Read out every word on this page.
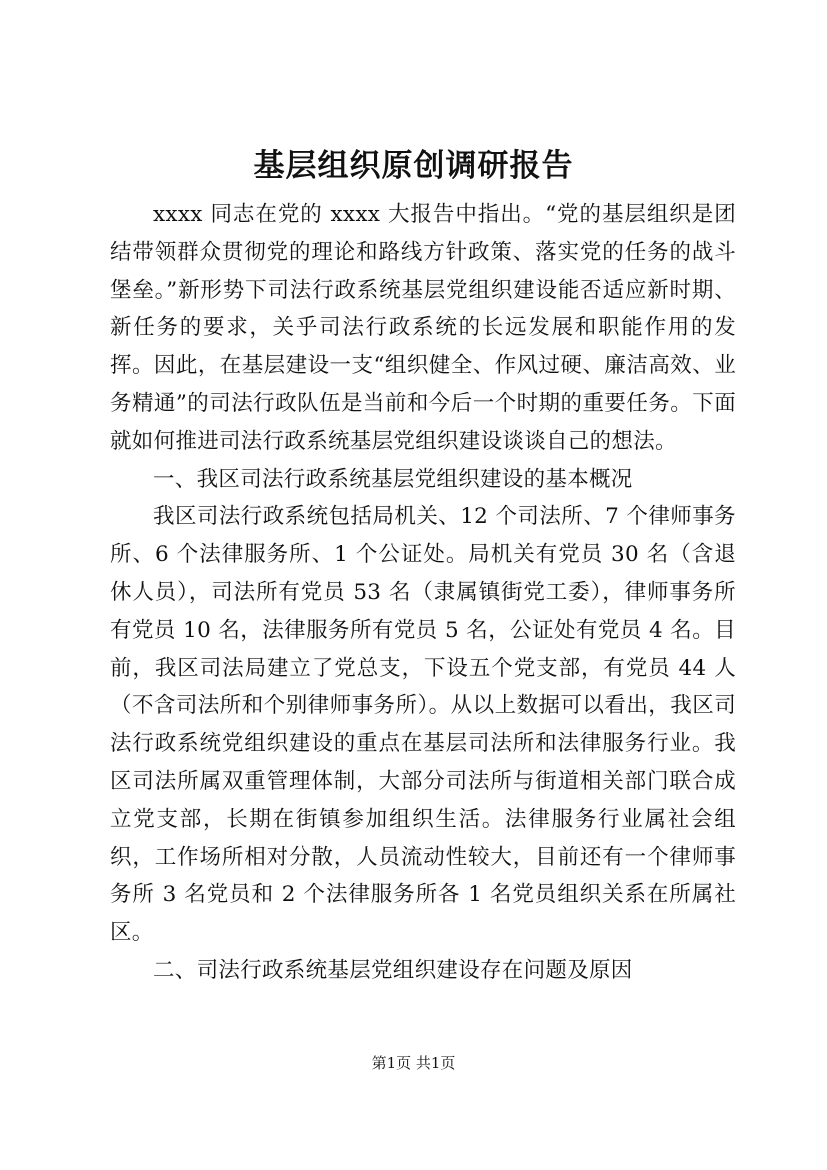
基层组织原创调研报告

xxxx 同志在党的 xxxx 大报告中指出。“党的基层组织是团结带领群众贯彻党的理论和路线方针政策、落实党的任务的战斗堡垒。”新形势下司法行政系统基层党组织建设能否适应新时期、新任务的要求，关乎司法行政系统的长远发展和职能作用的发挥。因此，在基层建设一支“组织健全、作风过硬、廉洁高效、业务精通”的司法行政队伍是当前和今后一个时期的重要任务。下面就如何推进司法行政系统基层党组织建设谈谈自己的想法。

一、我区司法行政系统基层党组织建设的基本概况

我区司法行政系统包括局机关、12 个司法所、7 个律师事务所、6 个法律服务所、1 个公证处。局机关有党员 30 名（含退休人员），司法所有党员 53 名（隶属镇街党工委），律师事务所有党员 10 名，法律服务所有党员 5 名，公证处有党员 4 名。目前，我区司法局建立了党总支，下设五个党支部，有党员 44 人（不含司法所和个别律师事务所）。从以上数据可以看出，我区司法行政系统党组织建设的重点在基层司法所和法律服务行业。我区司法所属双重管理体制，大部分司法所与街道相关部门联合成立党支部，长期在街镇参加组织生活。法律服务行业属社会组织，工作场所相对分散，人员流动性较大，目前还有一个律师事务所 3 名党员和 2 个法律服务所各 1 名党员组织关系在所属社区。

二、司法行政系统基层党组织建设存在问题及原因

第1页 共1页
